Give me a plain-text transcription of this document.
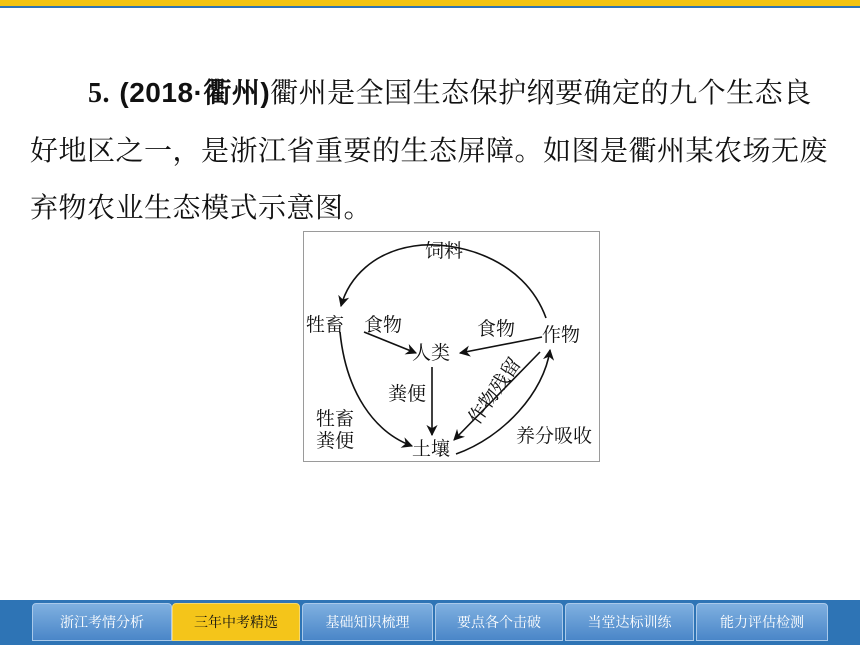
5. (2018·衢州)衢州是全国生态保护纲要确定的九个生态良好地区之一，是浙江省重要的生态屏障。如图是衢州某农场无废弃物农业生态模式示意图。
饲料
牲畜 食物	食物 作物
人类
粪便
牲畜
粪便
作物残留
养分吸收
土壤
浙江考情分析	三年中考精选	基础知识梳理	要点各个击破	当堂达标训练	能力评估检测
